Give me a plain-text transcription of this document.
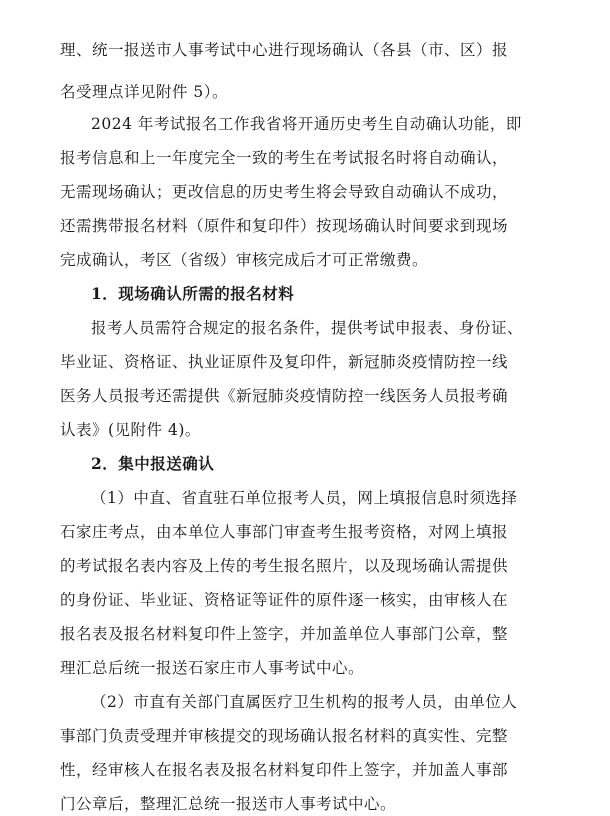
理、统一报送市人事考试中心进行现场确认（各县（市、区）报
名受理点详见附件 5）。
2024 年考试报名工作我省将开通历史考生自动确认功能，即
报考信息和上一年度完全一致的考生在考试报名时将自动确认，
无需现场确认；更改信息的历史考生将会导致自动确认不成功，
还需携带报名材料（原件和复印件）按现场确认时间要求到现场
完成确认，考区（省级）审核完成后才可正常缴费。
1．现场确认所需的报名材料
报考人员需符合规定的报名条件，提供考试申报表、身份证、
毕业证、资格证、执业证原件及复印件，新冠肺炎疫情防控一线
医务人员报考还需提供《新冠肺炎疫情防控一线医务人员报考确
认表》(见附件 4)。
2．集中报送确认
（1）中直、省直驻石单位报考人员，网上填报信息时须选择
石家庄考点，由本单位人事部门审查考生报考资格，对网上填报
的考试报名表内容及上传的考生报名照片，以及现场确认需提供
的身份证、毕业证、资格证等证件的原件逐一核实，由审核人在
报名表及报名材料复印件上签字，并加盖单位人事部门公章，整
理汇总后统一报送石家庄市人事考试中心。
（2）市直有关部门直属医疗卫生机构的报考人员，由单位人
事部门负责受理并审核提交的现场确认报名材料的真实性、完整
性，经审核人在报名表及报名材料复印件上签字，并加盖人事部
门公章后，整理汇总统一报送市人事考试中心。
